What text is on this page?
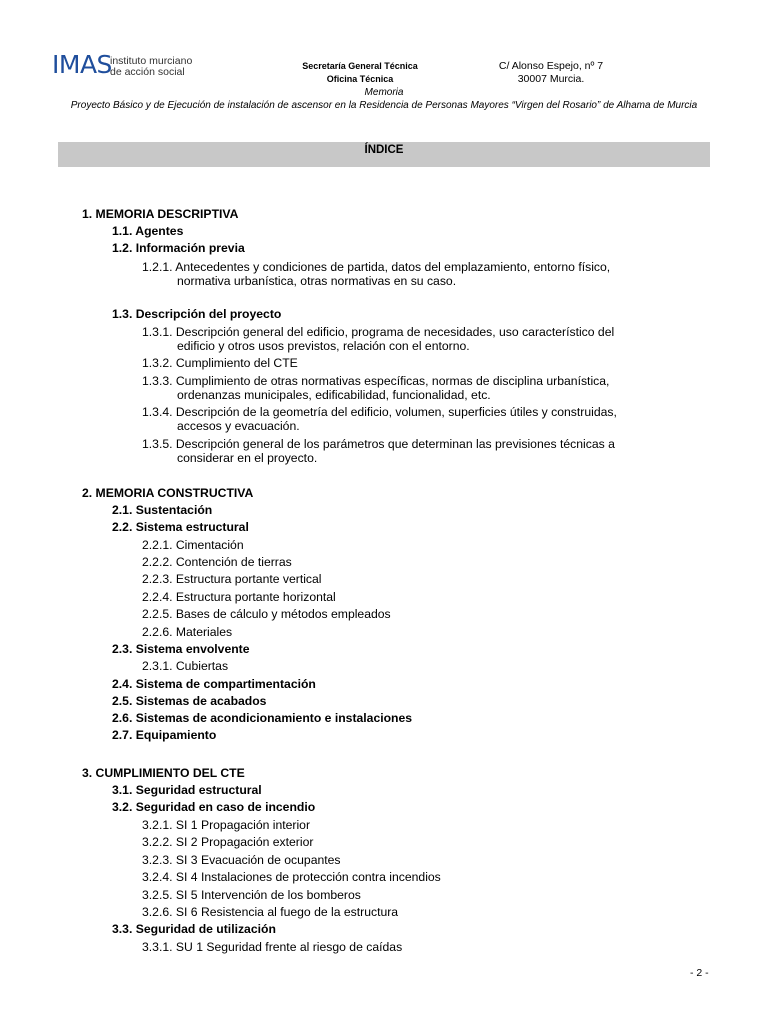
IMAS
instituto murciano
de acción social	Secretaría General Técnica
Oficina Técnica
C/ Alonso Espejo, nº 7
30007 Murcia.
Memoria
Proyecto Básico y de Ejecución de instalación de ascensor en la Residencia de Personas Mayores “Virgen del Rosario” de Alhama de Murcia
ÍNDICE
1. MEMORIA DESCRIPTIVA
1.1. Agentes
1.2. Información previa
1.2.1. Antecedentes y condiciones de partida, datos del emplazamiento, entorno físico,
normativa urbanística, otras normativas en su caso.
1.3. Descripción del proyecto
1.3.1. Descripción general del edificio, programa de necesidades, uso característico del
edificio y otros usos previstos, relación con el entorno.
1.3.2. Cumplimiento del CTE
1.3.3. Cumplimiento de otras normativas específicas, normas de disciplina urbanística,
ordenanzas municipales, edificabilidad, funcionalidad, etc.
1.3.4. Descripción de la geometría del edificio, volumen, superficies útiles y construidas,
accesos y evacuación.
1.3.5. Descripción general de los parámetros que determinan las previsiones técnicas a
considerar en el proyecto.
2. MEMORIA CONSTRUCTIVA
2.1. Sustentación
2.2. Sistema estructural
2.2.1. Cimentación
2.2.2. Contención de tierras
2.2.3. Estructura portante vertical
2.2.4. Estructura portante horizontal
2.2.5. Bases de cálculo y métodos empleados
2.2.6. Materiales
2.3. Sistema envolvente
2.3.1. Cubiertas
2.4. Sistema de compartimentación
2.5. Sistemas de acabados
2.6. Sistemas de acondicionamiento e instalaciones
2.7. Equipamiento
3. CUMPLIMIENTO DEL CTE
3.1. Seguridad estructural
3.2. Seguridad en caso de incendio
3.2.1. SI 1 Propagación interior
3.2.2. SI 2 Propagación exterior
3.2.3. SI 3 Evacuación de ocupantes
3.2.4. SI 4 Instalaciones de protección contra incendios
3.2.5. SI 5 Intervención de los bomberos
3.2.6. SI 6 Resistencia al fuego de la estructura
3.3. Seguridad de utilización
3.3.1. SU 1 Seguridad frente al riesgo de caídas
- 2 -
